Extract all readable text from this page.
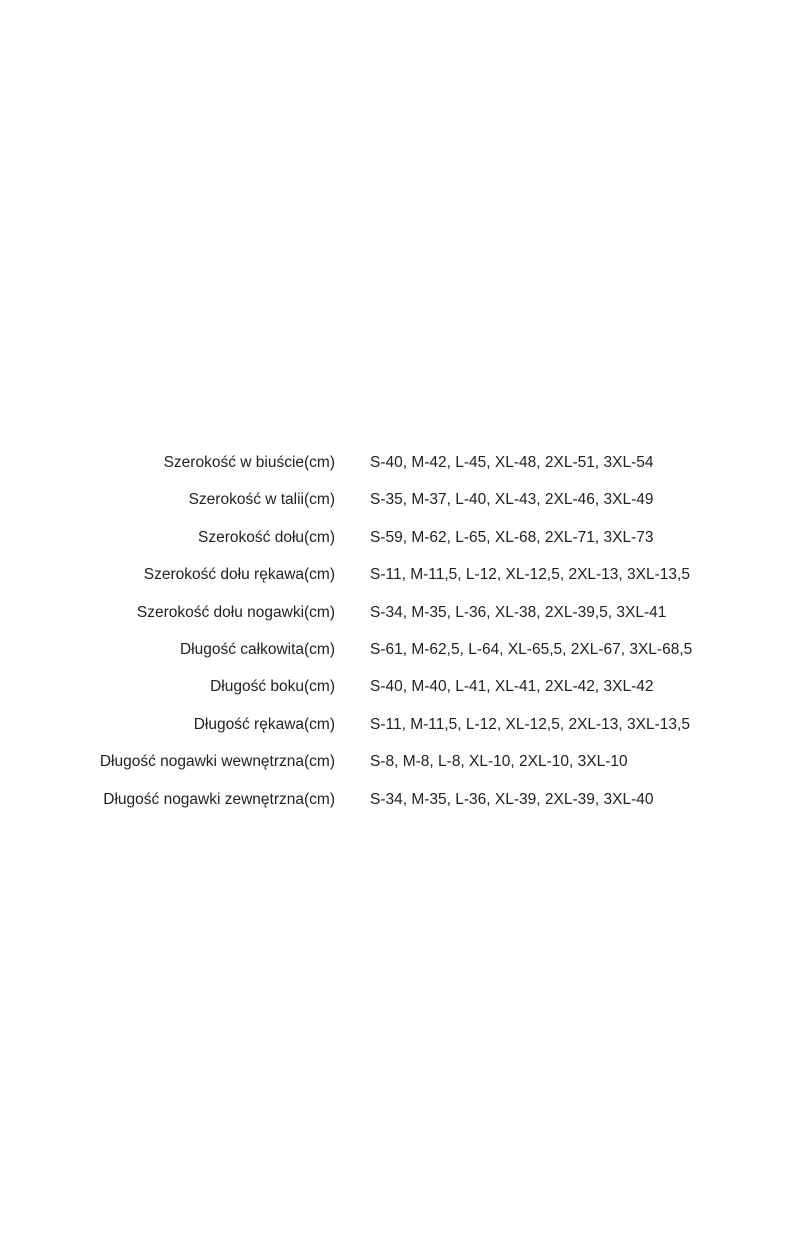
Szerokość w biuście(cm) S-40, M-42, L-45, XL-48, 2XL-51, 3XL-54
Szerokość w talii(cm) S-35, M-37, L-40, XL-43, 2XL-46, 3XL-49
Szerokość dołu(cm) S-59, M-62, L-65, XL-68, 2XL-71, 3XL-73
Szerokość dołu rękawa(cm) S-11, M-11,5, L-12, XL-12,5, 2XL-13, 3XL-13,5
Szerokość dołu nogawki(cm) S-34, M-35, L-36, XL-38, 2XL-39,5, 3XL-41
Długość całkowita(cm) S-61, M-62,5, L-64, XL-65,5, 2XL-67, 3XL-68,5
Długość boku(cm) S-40, M-40, L-41, XL-41, 2XL-42, 3XL-42
Długość rękawa(cm) S-11, M-11,5, L-12, XL-12,5, 2XL-13, 3XL-13,5
Długość nogawki wewnętrzna(cm) S-8, M-8, L-8, XL-10, 2XL-10, 3XL-10
Długość nogawki zewnętrzna(cm) S-34, M-35, L-36, XL-39, 2XL-39, 3XL-40
